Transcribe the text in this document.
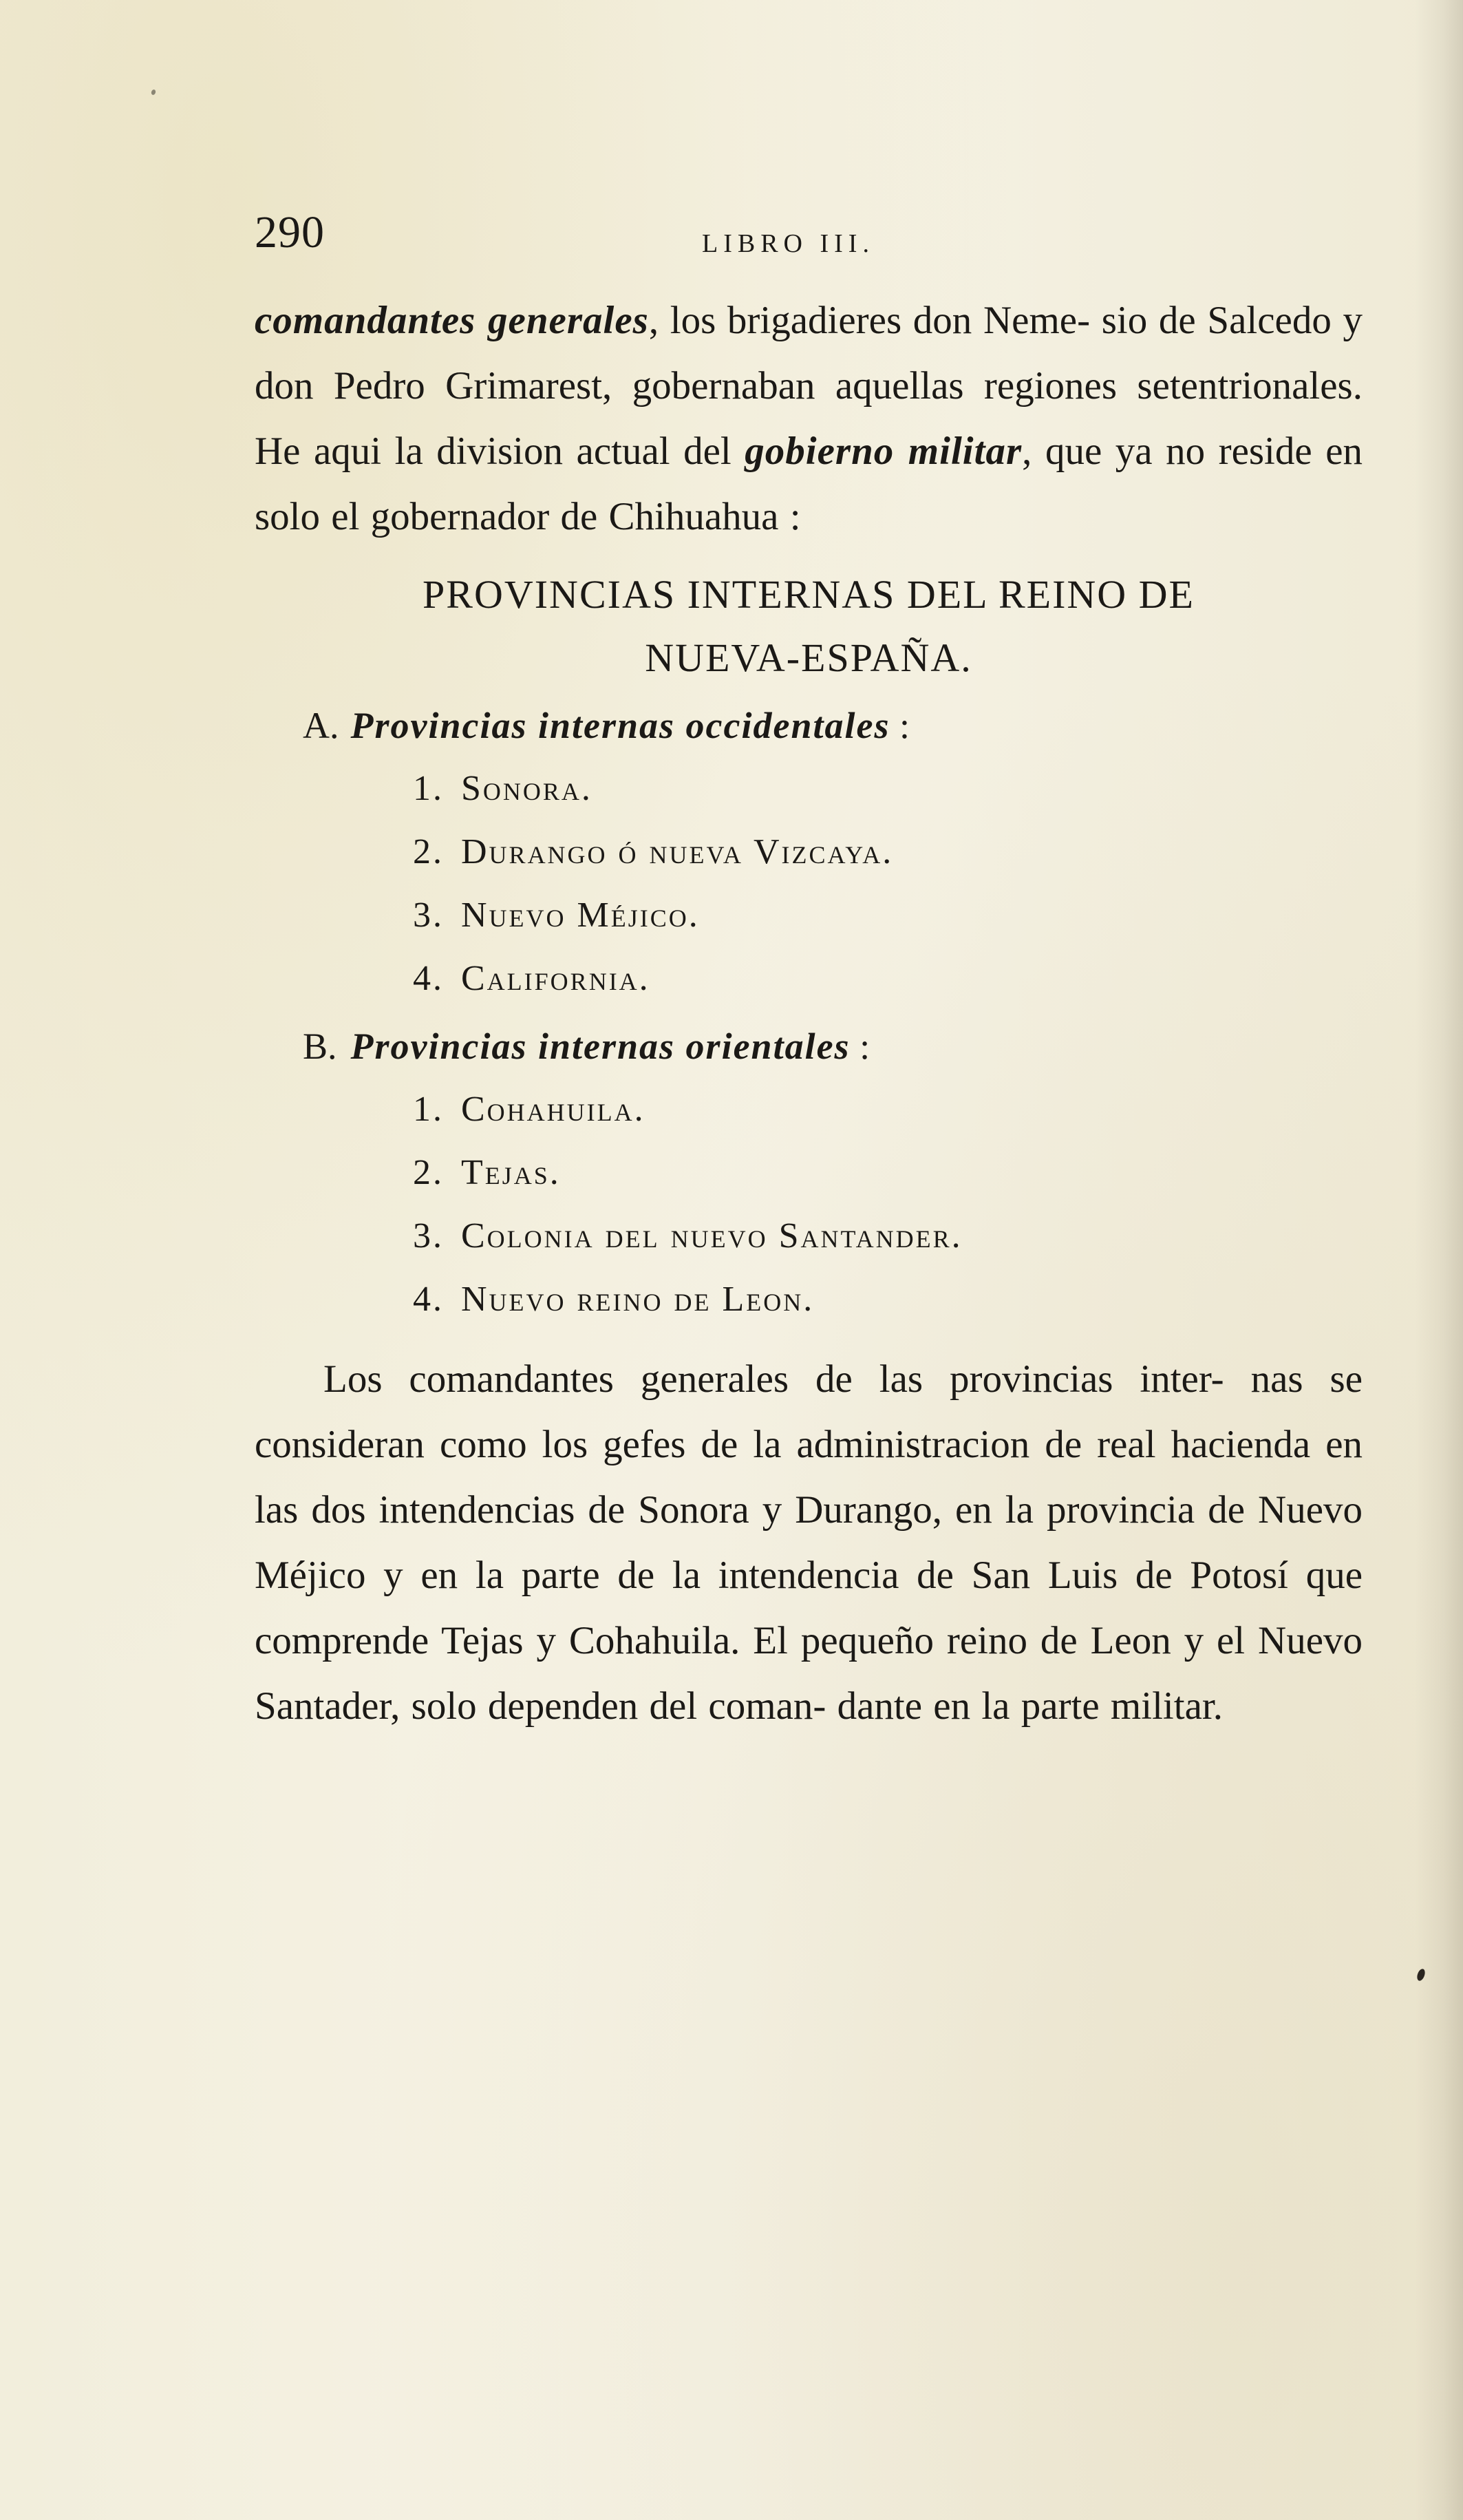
290	LIBRO III.

comandantes generales, los brigadieres don Neme- sio de Salcedo y don Pedro Grimarest, gobernaban aquellas regiones setentrionales. He aqui la division actual del gobierno militar, que ya no reside en solo el gobernador de Chihuahua :

PROVINCIAS INTERNAS DEL REINO DE
NUEVA-ESPAÑA.
A. Provincias internas occidentales :
1. Sonora.
2. Durango ó nueva Vizcaya.
3. Nuevo Méjico.
4. California.
B. Provincias internas orientales :
1. Cohahuila.
2. Tejas.
3. Colonia del nuevo Santander.
4. Nuevo reino de Leon.

Los comandantes generales de las provincias inter- nas se consideran como los gefes de la administracion de real hacienda en las dos intendencias de Sonora y Durango, en la provincia de Nuevo Méjico y en la parte de la intendencia de San Luis de Potosí que comprende Tejas y Cohahuila. El pequeño reino de Leon y el Nuevo Santader, solo dependen del coman- dante en la parte militar.
